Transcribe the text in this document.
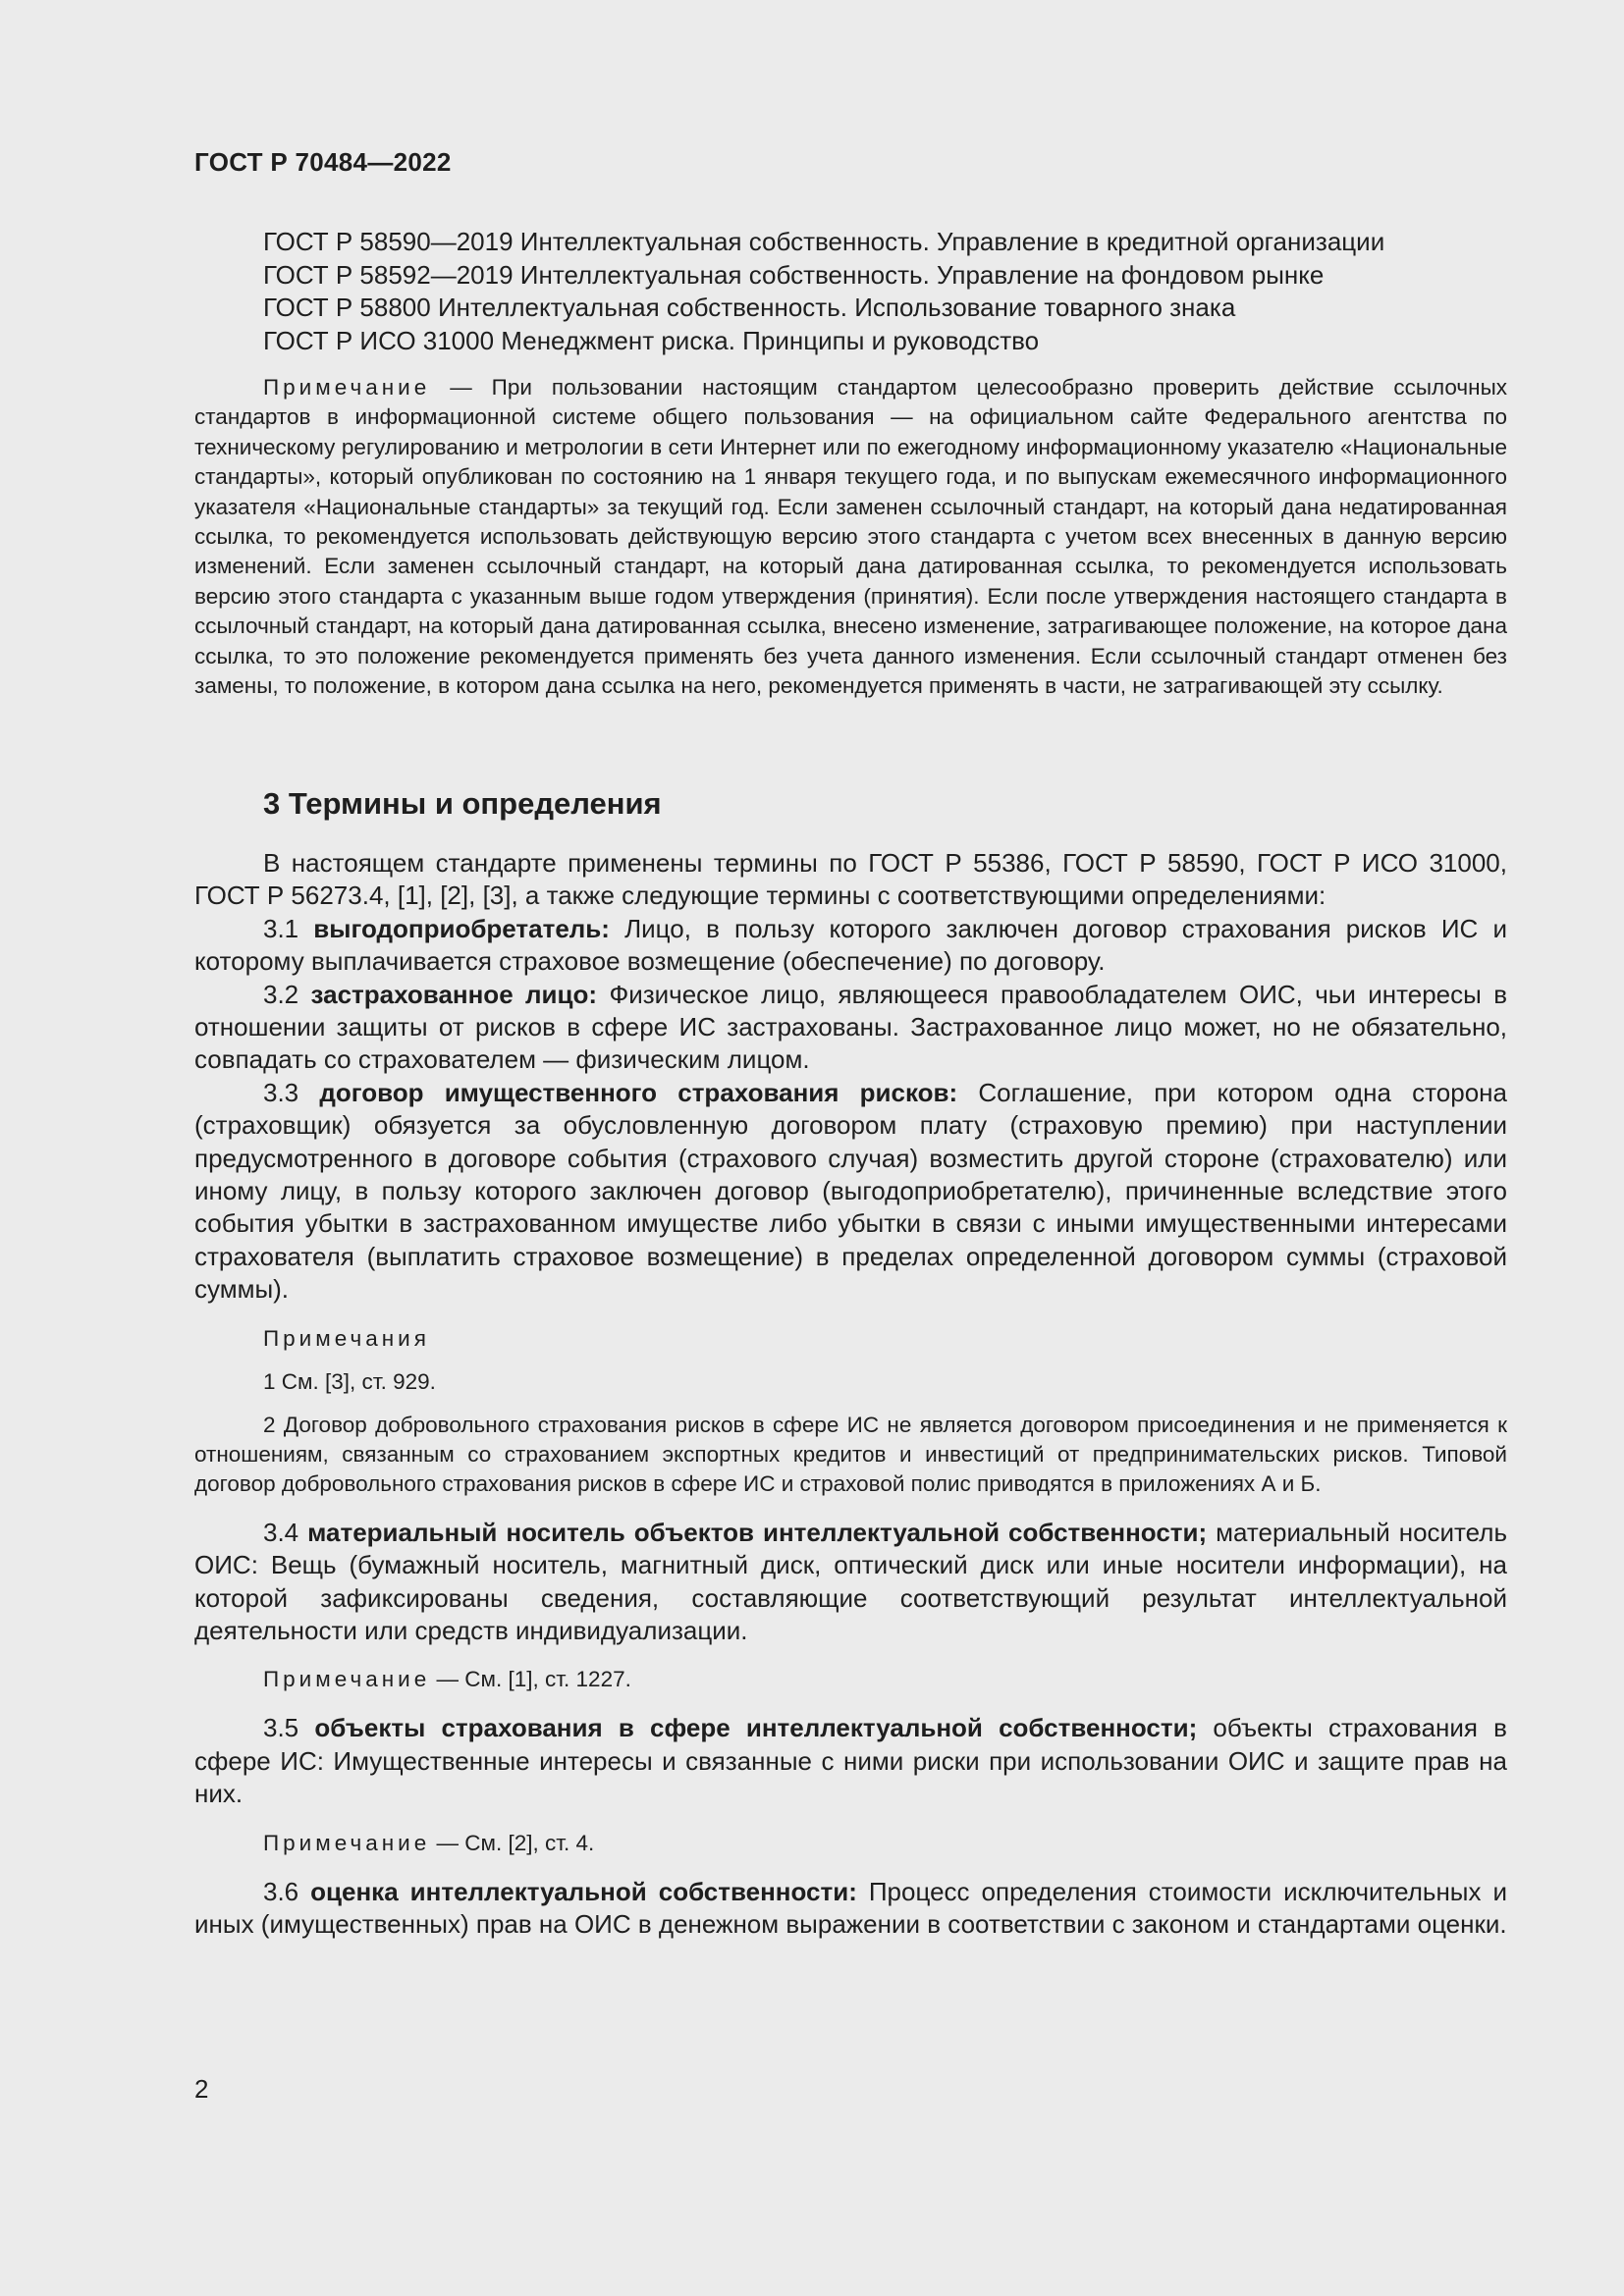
ГОСТ Р 70484—2022
ГОСТ Р 58590—2019 Интеллектуальная собственность. Управление в кредитной организации
ГОСТ Р 58592—2019 Интеллектуальная собственность. Управление на фондовом рынке
ГОСТ Р 58800 Интеллектуальная собственность. Использование товарного знака
ГОСТ Р ИСО 31000 Менеджмент риска. Принципы и руководство
Примечание — При пользовании настоящим стандартом целесообразно проверить действие ссылочных стандартов в информационной системе общего пользования — на официальном сайте Федерального агентства по техническому регулированию и метрологии в сети Интернет или по ежегодному информационному указателю «Национальные стандарты», который опубликован по состоянию на 1 января текущего года, и по выпускам ежемесячного информационного указателя «Национальные стандарты» за текущий год. Если заменен ссылочный стандарт, на который дана недатированная ссылка, то рекомендуется использовать действующую версию этого стандарта с учетом всех внесенных в данную версию изменений. Если заменен ссылочный стандарт, на который дана датированная ссылка, то рекомендуется использовать версию этого стандарта с указанным выше годом утверждения (принятия). Если после утверждения настоящего стандарта в ссылочный стандарт, на который дана датированная ссылка, внесено изменение, затрагивающее положение, на которое дана ссылка, то это положение рекомендуется применять без учета данного изменения. Если ссылочный стандарт отменен без замены, то положение, в котором дана ссылка на него, рекомендуется применять в части, не затрагивающей эту ссылку.
3 Термины и определения

В настоящем стандарте применены термины по ГОСТ Р 55386, ГОСТ Р 58590, ГОСТ Р ИСО 31000, ГОСТ Р 56273.4, [1], [2], [3], а также следующие термины с соответствующими определениями:

3.1 выгодоприобретатель: Лицо, в пользу которого заключен договор страхования рисков ИС и которому выплачивается страховое возмещение (обеспечение) по договору.

3.2 застрахованное лицо: Физическое лицо, являющееся правообладателем ОИС, чьи интересы в отношении защиты от рисков в сфере ИС застрахованы. Застрахованное лицо может, но не обязательно, совпадать со страхователем — физическим лицом.

3.3 договор имущественного страхования рисков: Соглашение, при котором одна сторона (страховщик) обязуется за обусловленную договором плату (страховую премию) при наступлении предусмотренного в договоре события (страхового случая) возместить другой стороне (страхователю) или иному лицу, в пользу которого заключен договор (выгодоприобретателю), причиненные вследствие этого события убытки в застрахованном имуществе либо убытки в связи с иными имущественными интересами страхователя (выплатить страховое возмещение) в пределах определенной договором суммы (страховой суммы).

Примечания

1 См. [3], ст. 929.

2 Договор добровольного страхования рисков в сфере ИС не является договором присоединения и не применяется к отношениям, связанным со страхованием экспортных кредитов и инвестиций от предпринимательских рисков. Типовой договор добровольного страхования рисков в сфере ИС и страховой полис приводятся в приложениях А и Б.

3.4 материальный носитель объектов интеллектуальной собственности; материальный носитель ОИС: Вещь (бумажный носитель, магнитный диск, оптический диск или иные носители информации), на которой зафиксированы сведения, составляющие соответствующий результат интеллектуальной деятельности или средств индивидуализации.

Примечание — См. [1], ст. 1227.

3.5 объекты страхования в сфере интеллектуальной собственности; объекты страхования в сфере ИС: Имущественные интересы и связанные с ними риски при использовании ОИС и защите прав на них.

Примечание — См. [2], ст. 4.

3.6 оценка интеллектуальной собственности: Процесс определения стоимости исключительных и иных (имущественных) прав на ОИС в денежном выражении в соответствии с законом и стандартами оценки.

2
